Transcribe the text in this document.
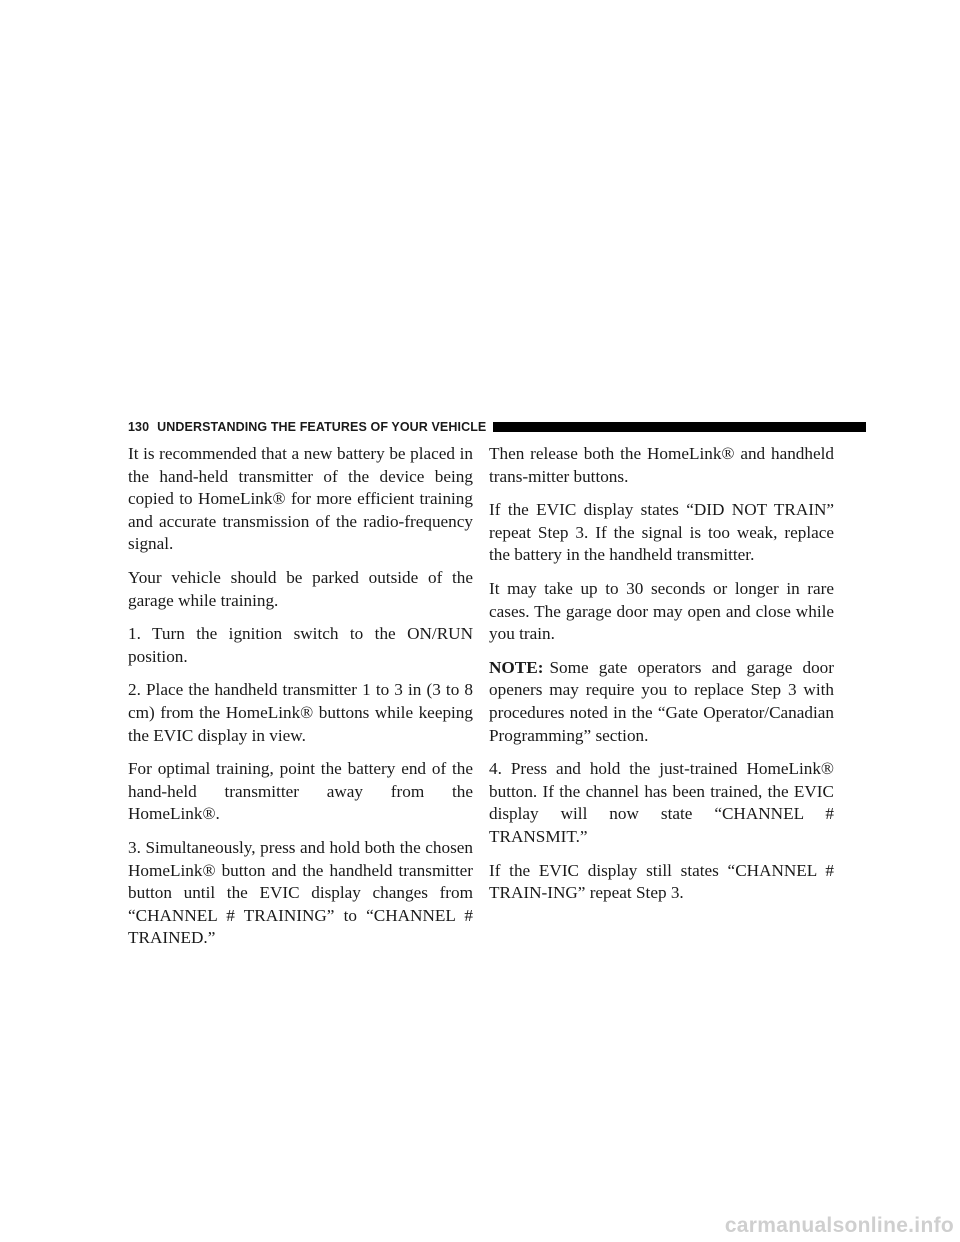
130 UNDERSTANDING THE FEATURES OF YOUR VEHICLE

It is recommended that a new battery be placed in the hand-held transmitter of the device being copied to HomeLink® for more efficient training and accurate transmission of the radio-frequency signal.

Your vehicle should be parked outside of the garage while training.

1. Turn the ignition switch to the ON/RUN position.

2. Place the handheld transmitter 1 to 3 in (3 to 8 cm) from the HomeLink® buttons while keeping the EVIC display in view.

For optimal training, point the battery end of the hand-held transmitter away from the HomeLink®.

3. Simultaneously, press and hold both the chosen HomeLink® button and the handheld transmitter button until the EVIC display changes from “CHANNEL # TRAINING” to “CHANNEL # TRAINED.”

Then release both the HomeLink® and handheld trans-mitter buttons.

If the EVIC display states “DID NOT TRAIN” repeat Step 3. If the signal is too weak, replace the battery in the handheld transmitter.

It may take up to 30 seconds or longer in rare cases. The garage door may open and close while you train.

NOTE: Some gate operators and garage door openers may require you to replace Step 3 with procedures noted in the “Gate Operator/Canadian Programming” section.

4. Press and hold the just-trained HomeLink® button. If the channel has been trained, the EVIC display will now state “CHANNEL # TRANSMIT.”

If the EVIC display still states “CHANNEL # TRAIN-ING” repeat Step 3.

carmanualsonline.info
